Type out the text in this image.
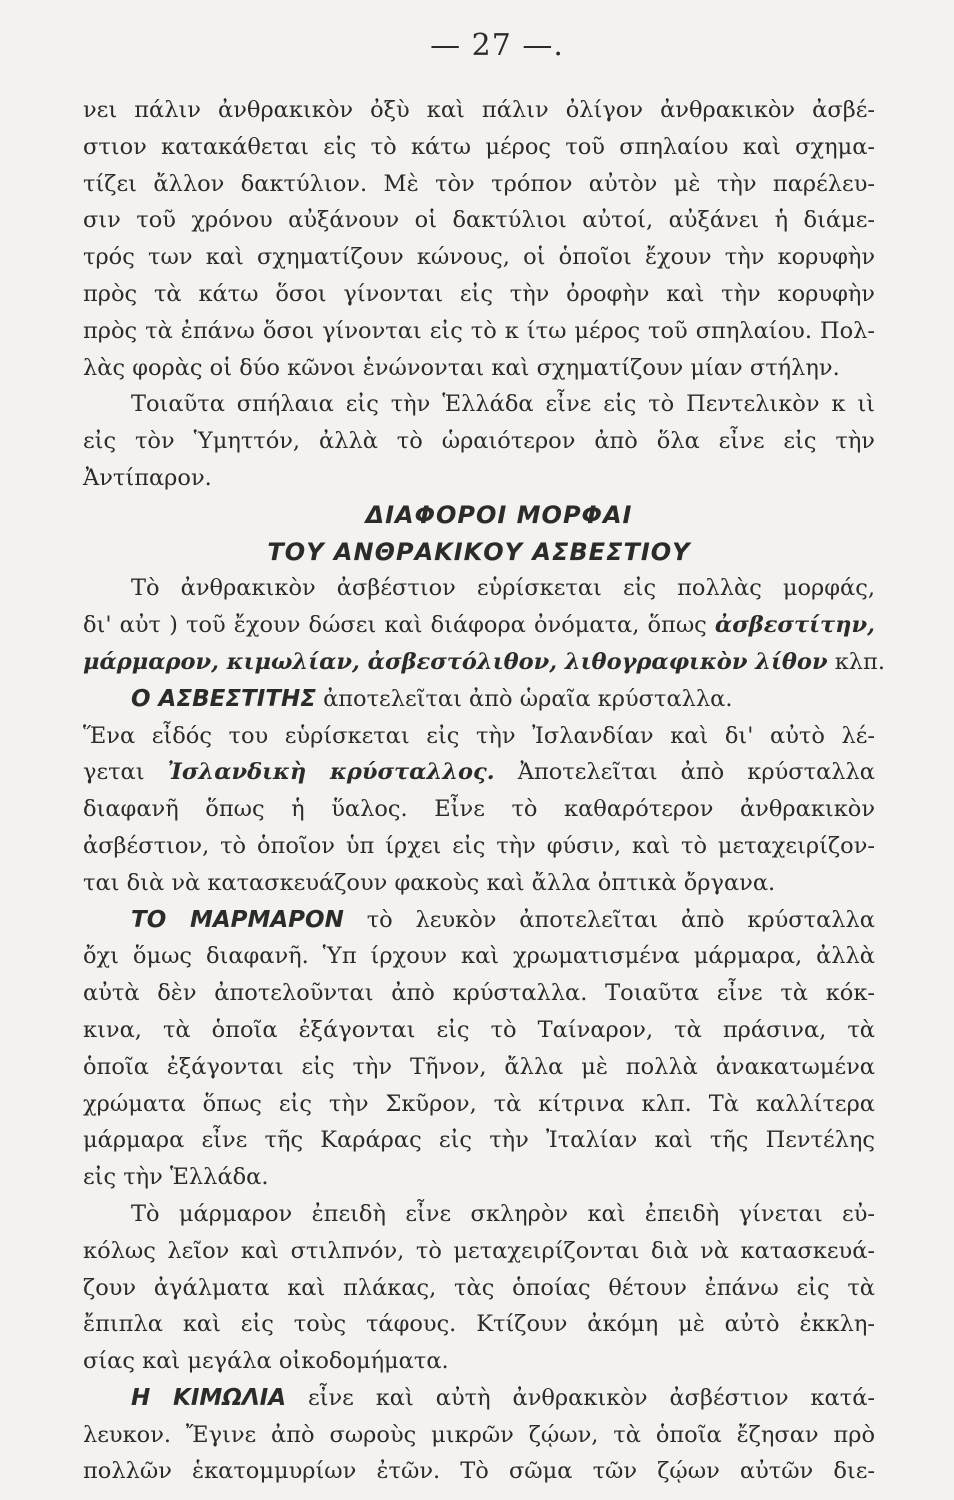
— 27 —.
νει πάλιν ἀνθρακικὸν ὀξὺ καὶ πάλιν ὀλίγον ἀνθρακικὸν ἀσβέ-
στιον κατακάθεται εἰς τὸ κάτω μέρος τοῦ σπηλαίου καὶ σχημα-
τίζει ἄλλον δακτύλιον. Μὲ τὸν τρόπον αὐτὸν μὲ τὴν παρέλευ-
σιν τοῦ χρόνου αὐξάνουν οἱ δακτύλιοι αὐτοί, αὐξάνει ἡ διάμε-
τρός των καὶ σχηματίζουν κώνους, οἱ ὁποῖοι ἔχουν τὴν κορυφὴν
πρὸς τὰ κάτω ὅσοι γίνονται εἰς τὴν ὀροφὴν καὶ τὴν κορυφὴν
πρὸς τὰ ἐπάνω ὅσοι γίνονται εἰς τὸ κ ίτω μέρος τοῦ σπηλαίου. Πολ-
λὰς φορὰς οἱ δύο κῶνοι ἑνώνονται καὶ σχηματίζουν μίαν στήλην.
Τοιαῦτα σπήλαια εἰς τὴν Ἑλλάδα εἶνε εἰς τὸ Πεντελικὸν κ ιὶ
εἰς τὸν Ὑμηττόν, ἀλλὰ τὸ ὡραιότερον ἀπὸ ὅλα εἶνε εἰς τὴν
Ἀντίπαρον.
ΔΙΑΦΟΡΟΙ ΜΟΡΦΑΙ
ΤΟΥ ΑΝΘΡΑΚΙΚΟΥ ΑΣΒΕΣΤΙΟΥ
Τὸ ἀνθρακικὸν ἀσβέστιον εὑρίσκεται εἰς πολλὰς μορφάς,
δι' αὐτ ) τοῦ ἔχουν δώσει καὶ διάφορα ὀνόματα, ὅπως ἀσβεστίτην,
μάρμαρον, κιμωλίαν, ἀσβεστόλιθον, λιθογραφικὸν λίθον κλπ.
Ο ΑΣΒΕΣΤΙΤΗΣ ἀποτελεῖται ἀπὸ ὡραῖα κρύσταλλα.
Ἕνα εἶδός του εὑρίσκεται εἰς τὴν Ἰσλανδίαν καὶ δι' αὐτὸ λέ-
γεται Ἰσλανδικὴ κρύσταλλος. Ἀποτελεῖται ἀπὸ κρύσταλλα
διαφανῆ ὅπως ἡ ὕαλος. Εἶνε τὸ καθαρότερον ἀνθρακικὸν
ἀσβέστιον, τὸ ὁποῖον ὑπ ίρχει εἰς τὴν φύσιν, καὶ τὸ μεταχειρίζον-
ται διὰ νὰ κατασκευάζουν φακοὺς καὶ ἄλλα ὀπτικὰ ὄργανα.
ΤΟ ΜΑΡΜΑΡΟΝ τὸ λευκὸν ἀποτελεῖται ἀπὸ κρύσταλλα
ὄχι ὅμως διαφανῆ. Ὑπ ίρχουν καὶ χρωματισμένα μάρμαρα, ἀλλὰ
αὐτὰ δὲν ἀποτελοῦνται ἀπὸ κρύσταλλα. Τοιαῦτα εἶνε τὰ κόκ-
κινα, τὰ ὁποῖα ἐξάγονται εἰς τὸ Ταίναρον, τὰ πράσινα, τὰ
ὁποῖα ἐξάγονται εἰς τὴν Τῆνον, ἄλλα μὲ πολλὰ ἀνακατωμένα
χρώματα ὅπως εἰς τὴν Σκῦρον, τὰ κίτρινα κλπ. Τὰ καλλίτερα
μάρμαρα εἶνε τῆς Καράρας εἰς τὴν Ἰταλίαν καὶ τῆς Πεντέλης
εἰς τὴν Ἑλλάδα.
Τὸ μάρμαρον ἐπειδὴ εἶνε σκληρὸν καὶ ἐπειδὴ γίνεται εὐ-
κόλως λεῖον καὶ στιλπνόν, τὸ μεταχειρίζονται διὰ νὰ κατασκευά-
ζουν ἀγάλματα καὶ πλάκας, τὰς ὁποίας θέτουν ἐπάνω εἰς τὰ
ἔπιπλα καὶ εἰς τοὺς τάφους. Κτίζουν ἀκόμη μὲ αὐτὸ ἐκκλη-
σίας καὶ μεγάλα οἰκοδομήματα.
Η ΚΙΜΩΛΙΑ εἶνε καὶ αὐτὴ ἀνθρακικὸν ἀσβέστιον κατά-
λευκον. Ἔγινε ἀπὸ σωροὺς μικρῶν ζῴων, τὰ ὁποῖα ἔζησαν πρὸ
πολλῶν ἑκατομμυρίων ἐτῶν. Τὸ σῶμα τῶν ζῴων αὐτῶν διε-
